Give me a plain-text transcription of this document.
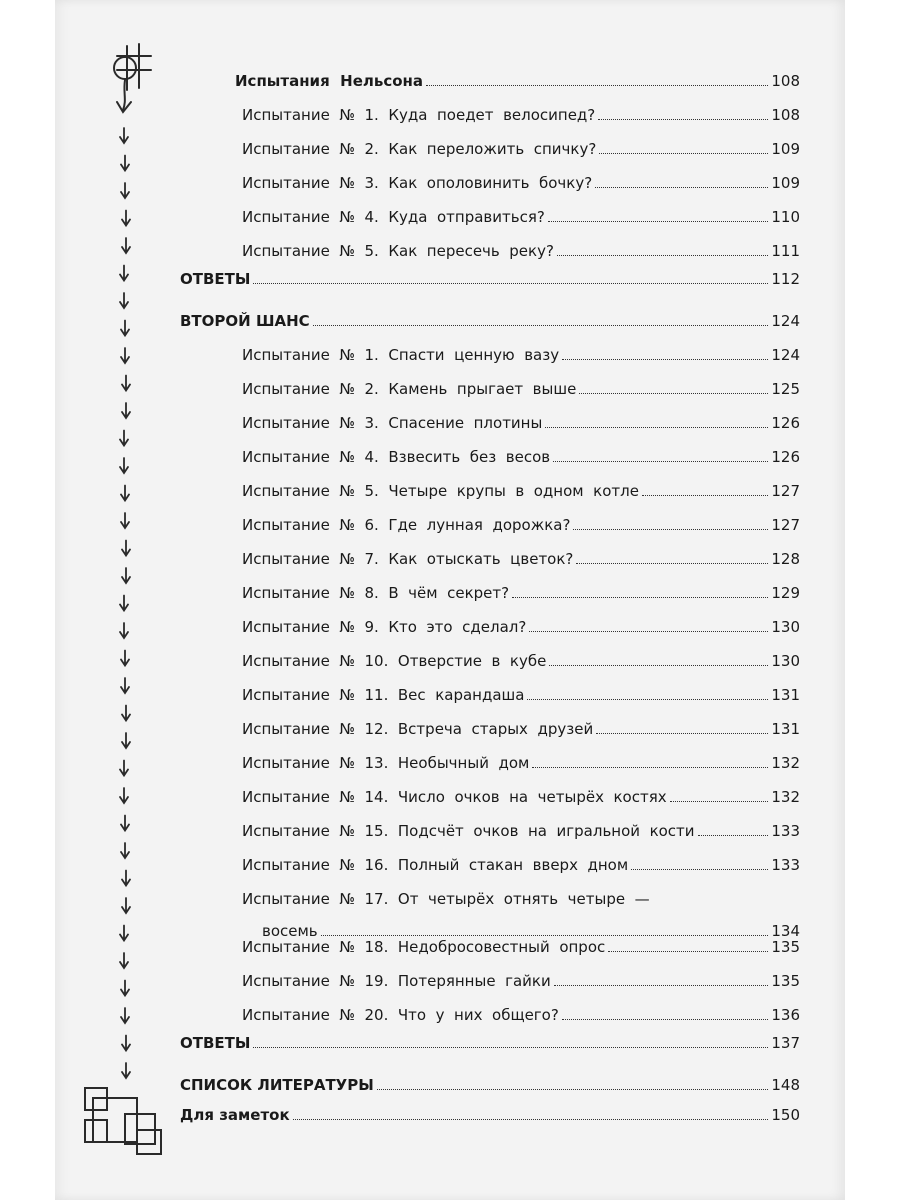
Испытания  Нельсона	108
Испытание  №  1.  Куда  поедет  велосипед?	108
Испытание  №  2.  Как  переложить  спичку?	109
Испытание  №  3.  Как  ополовинить  бочку?	109
Испытание  №  4.  Куда  отправиться?	110
Испытание  №  5.  Как  пересечь  реку?	111
ОТВЕТЫ	112
ВТОРОЙ ШАНС	124
Испытание  №  1.  Спасти  ценную  вазу	124
Испытание  №  2.  Камень  прыгает  выше	125
Испытание  №  3.  Спасение  плотины	126
Испытание  №  4.  Взвесить  без  весов	126
Испытание  №  5.  Четыре  крупы  в  одном  котле	127
Испытание  №  6.  Где  лунная  дорожка?	127
Испытание  №  7.  Как  отыскать  цветок?	128
Испытание  №  8.  В  чём  секрет?	129
Испытание  №  9.  Кто  это  сделал?	130
Испытание  №  10.  Отверстие  в  кубе	130
Испытание  №  11.  Вес  карандаша	131
Испытание  №  12.  Встреча  старых  друзей	131
Испытание  №  13.  Необычный  дом	132
Испытание  №  14.  Число  очков  на  четырёх  костях	132
Испытание  №  15.  Подсчёт  очков  на  игральной  кости	133
Испытание  №  16.  Полный  стакан  вверх  дном	133
Испытание  №  17.  От  четырёх  отнять  четыре  —
восемь	134
Испытание  №  18.  Недобросовестный  опрос	135
Испытание  №  19.  Потерянные  гайки	135
Испытание  №  20.  Что  у  них  общего?	136
ОТВЕТЫ	137
СПИСОК ЛИТЕРАТУРЫ	148
Для заметок	150
